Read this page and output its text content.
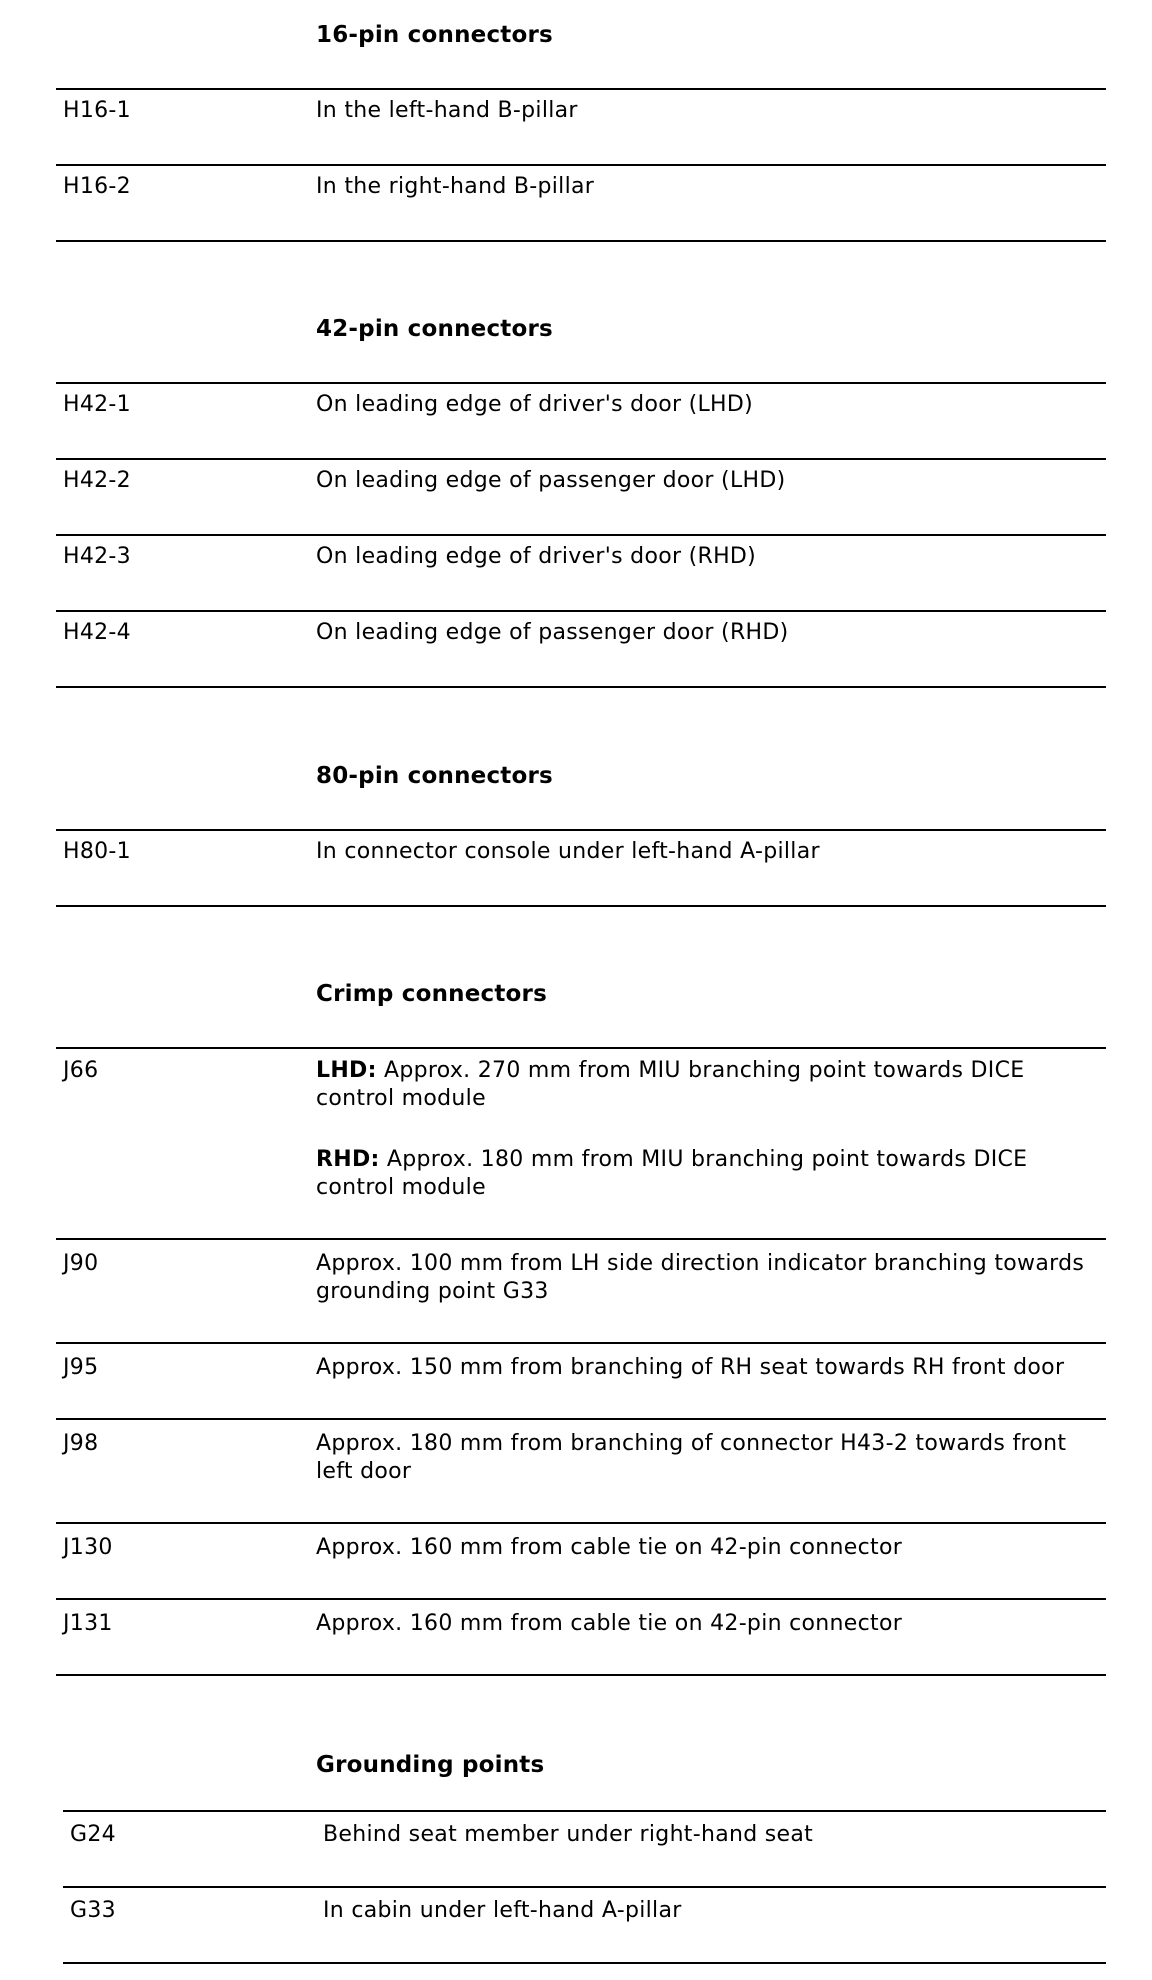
16-pin connectors
H16-1	In the left-hand B-pillar
H16-2	In the right-hand B-pillar
42-pin connectors
H42-1	On leading edge of driver's door (LHD)
H42-2	On leading edge of passenger door (LHD)
H42-3	On leading edge of driver's door (RHD)
H42-4	On leading edge of passenger door (RHD)
80-pin connectors
H80-1	In connector console under left-hand A-pillar
Crimp connectors
J66	LHD: Approx. 270 mm from MIU branching point towards DICE control module
RHD: Approx. 180 mm from MIU branching point towards DICE control module
J90	Approx. 100 mm from LH side direction indicator branching towards grounding point G33
J95	Approx. 150 mm from branching of RH seat towards RH front door
J98	Approx. 180 mm from branching of connector H43-2 towards front left door
J130	Approx. 160 mm from cable tie on 42-pin connector
J131	Approx. 160 mm from cable tie on 42-pin connector
Grounding points
G24	Behind seat member under right-hand seat
G33	In cabin under left-hand A-pillar
